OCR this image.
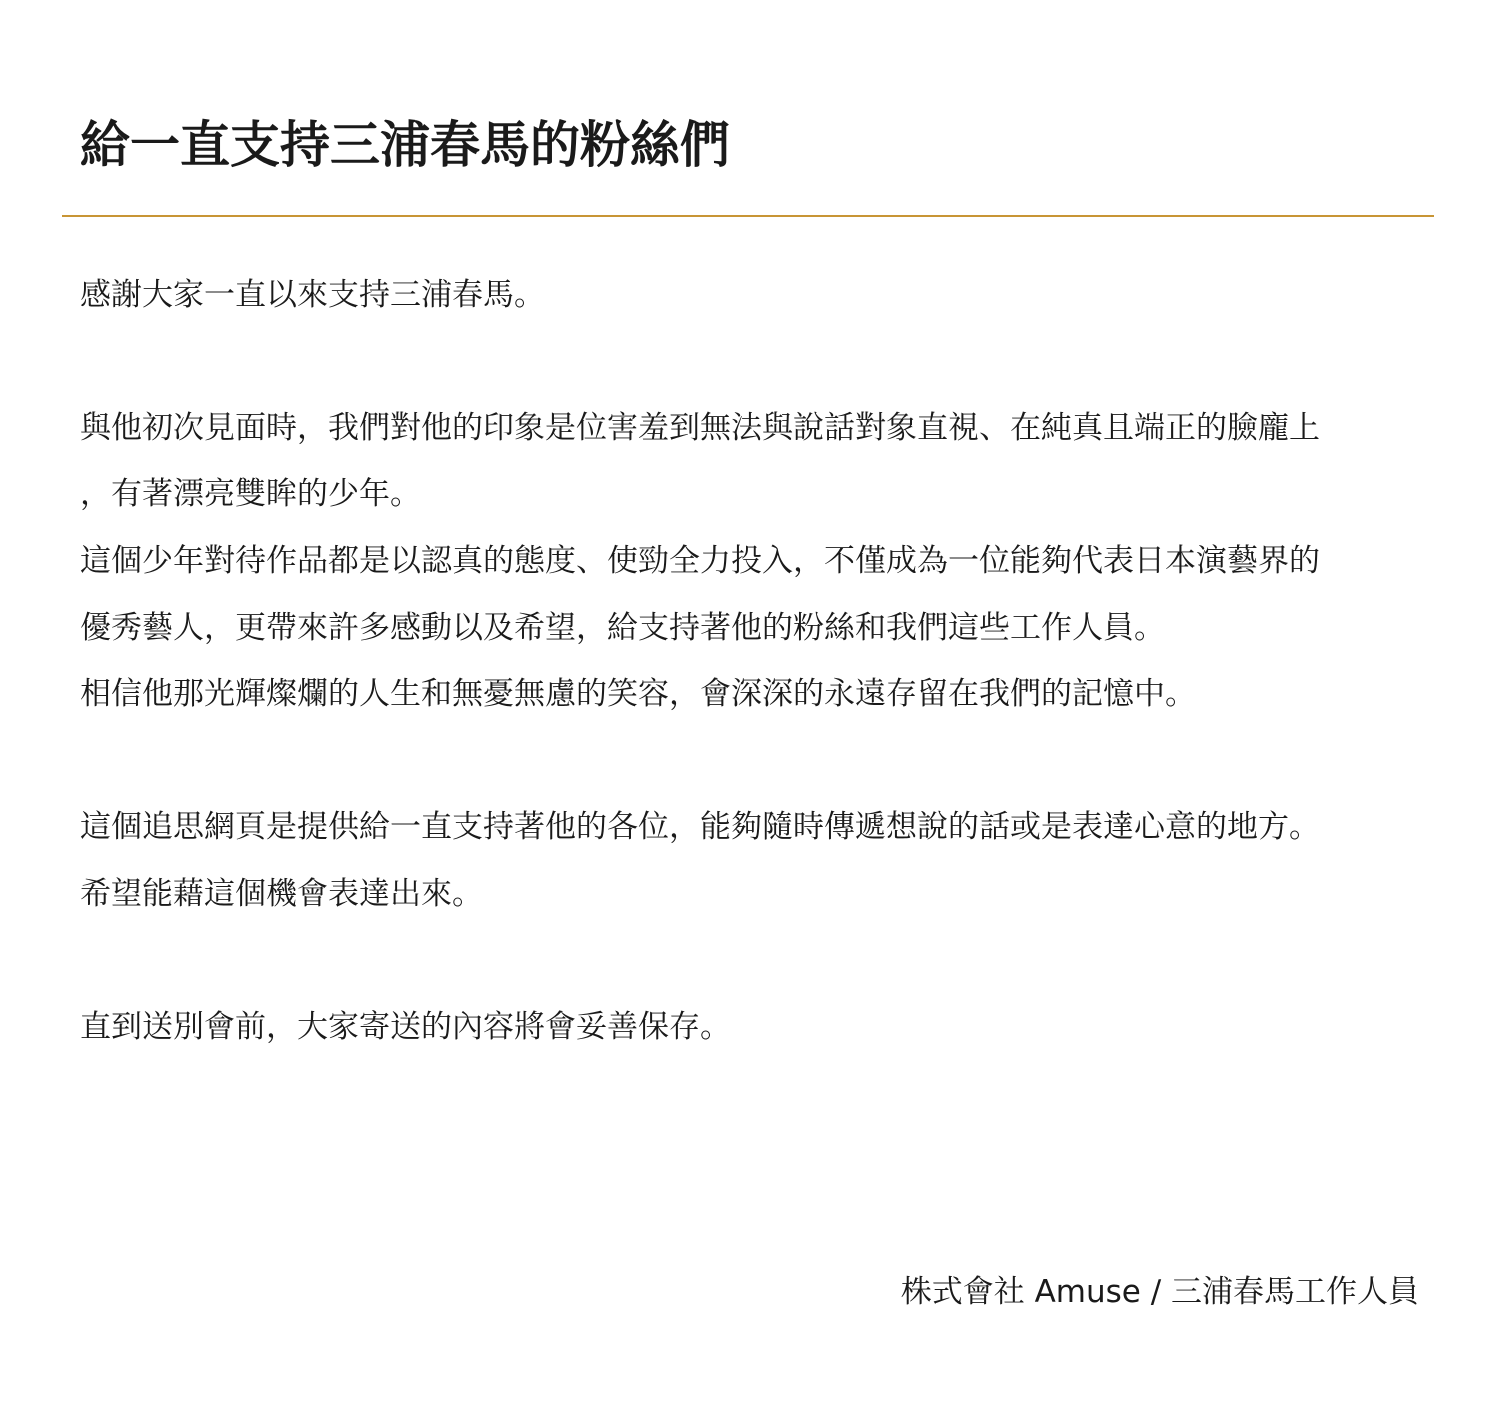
給一直支持三浦春馬的粉絲們

感謝大家一直以來支持三浦春馬。

與他初次見面時，我們對他的印象是位害羞到無法與說話對象直視、在純真且端正的臉龐上

，有著漂亮雙眸的少年。

這個少年對待作品都是以認真的態度、使勁全力投入，不僅成為一位能夠代表日本演藝界的

優秀藝人，更帶來許多感動以及希望，給支持著他的粉絲和我們這些工作人員。

相信他那光輝燦爛的人生和無憂無慮的笑容，會深深的永遠存留在我們的記憶中。

這個追思網頁是提供給一直支持著他的各位，能夠隨時傳遞想說的話或是表達心意的地方。

希望能藉這個機會表達出來。

直到送別會前，大家寄送的內容將會妥善保存。

株式會社 Amuse / 三浦春馬工作人員
